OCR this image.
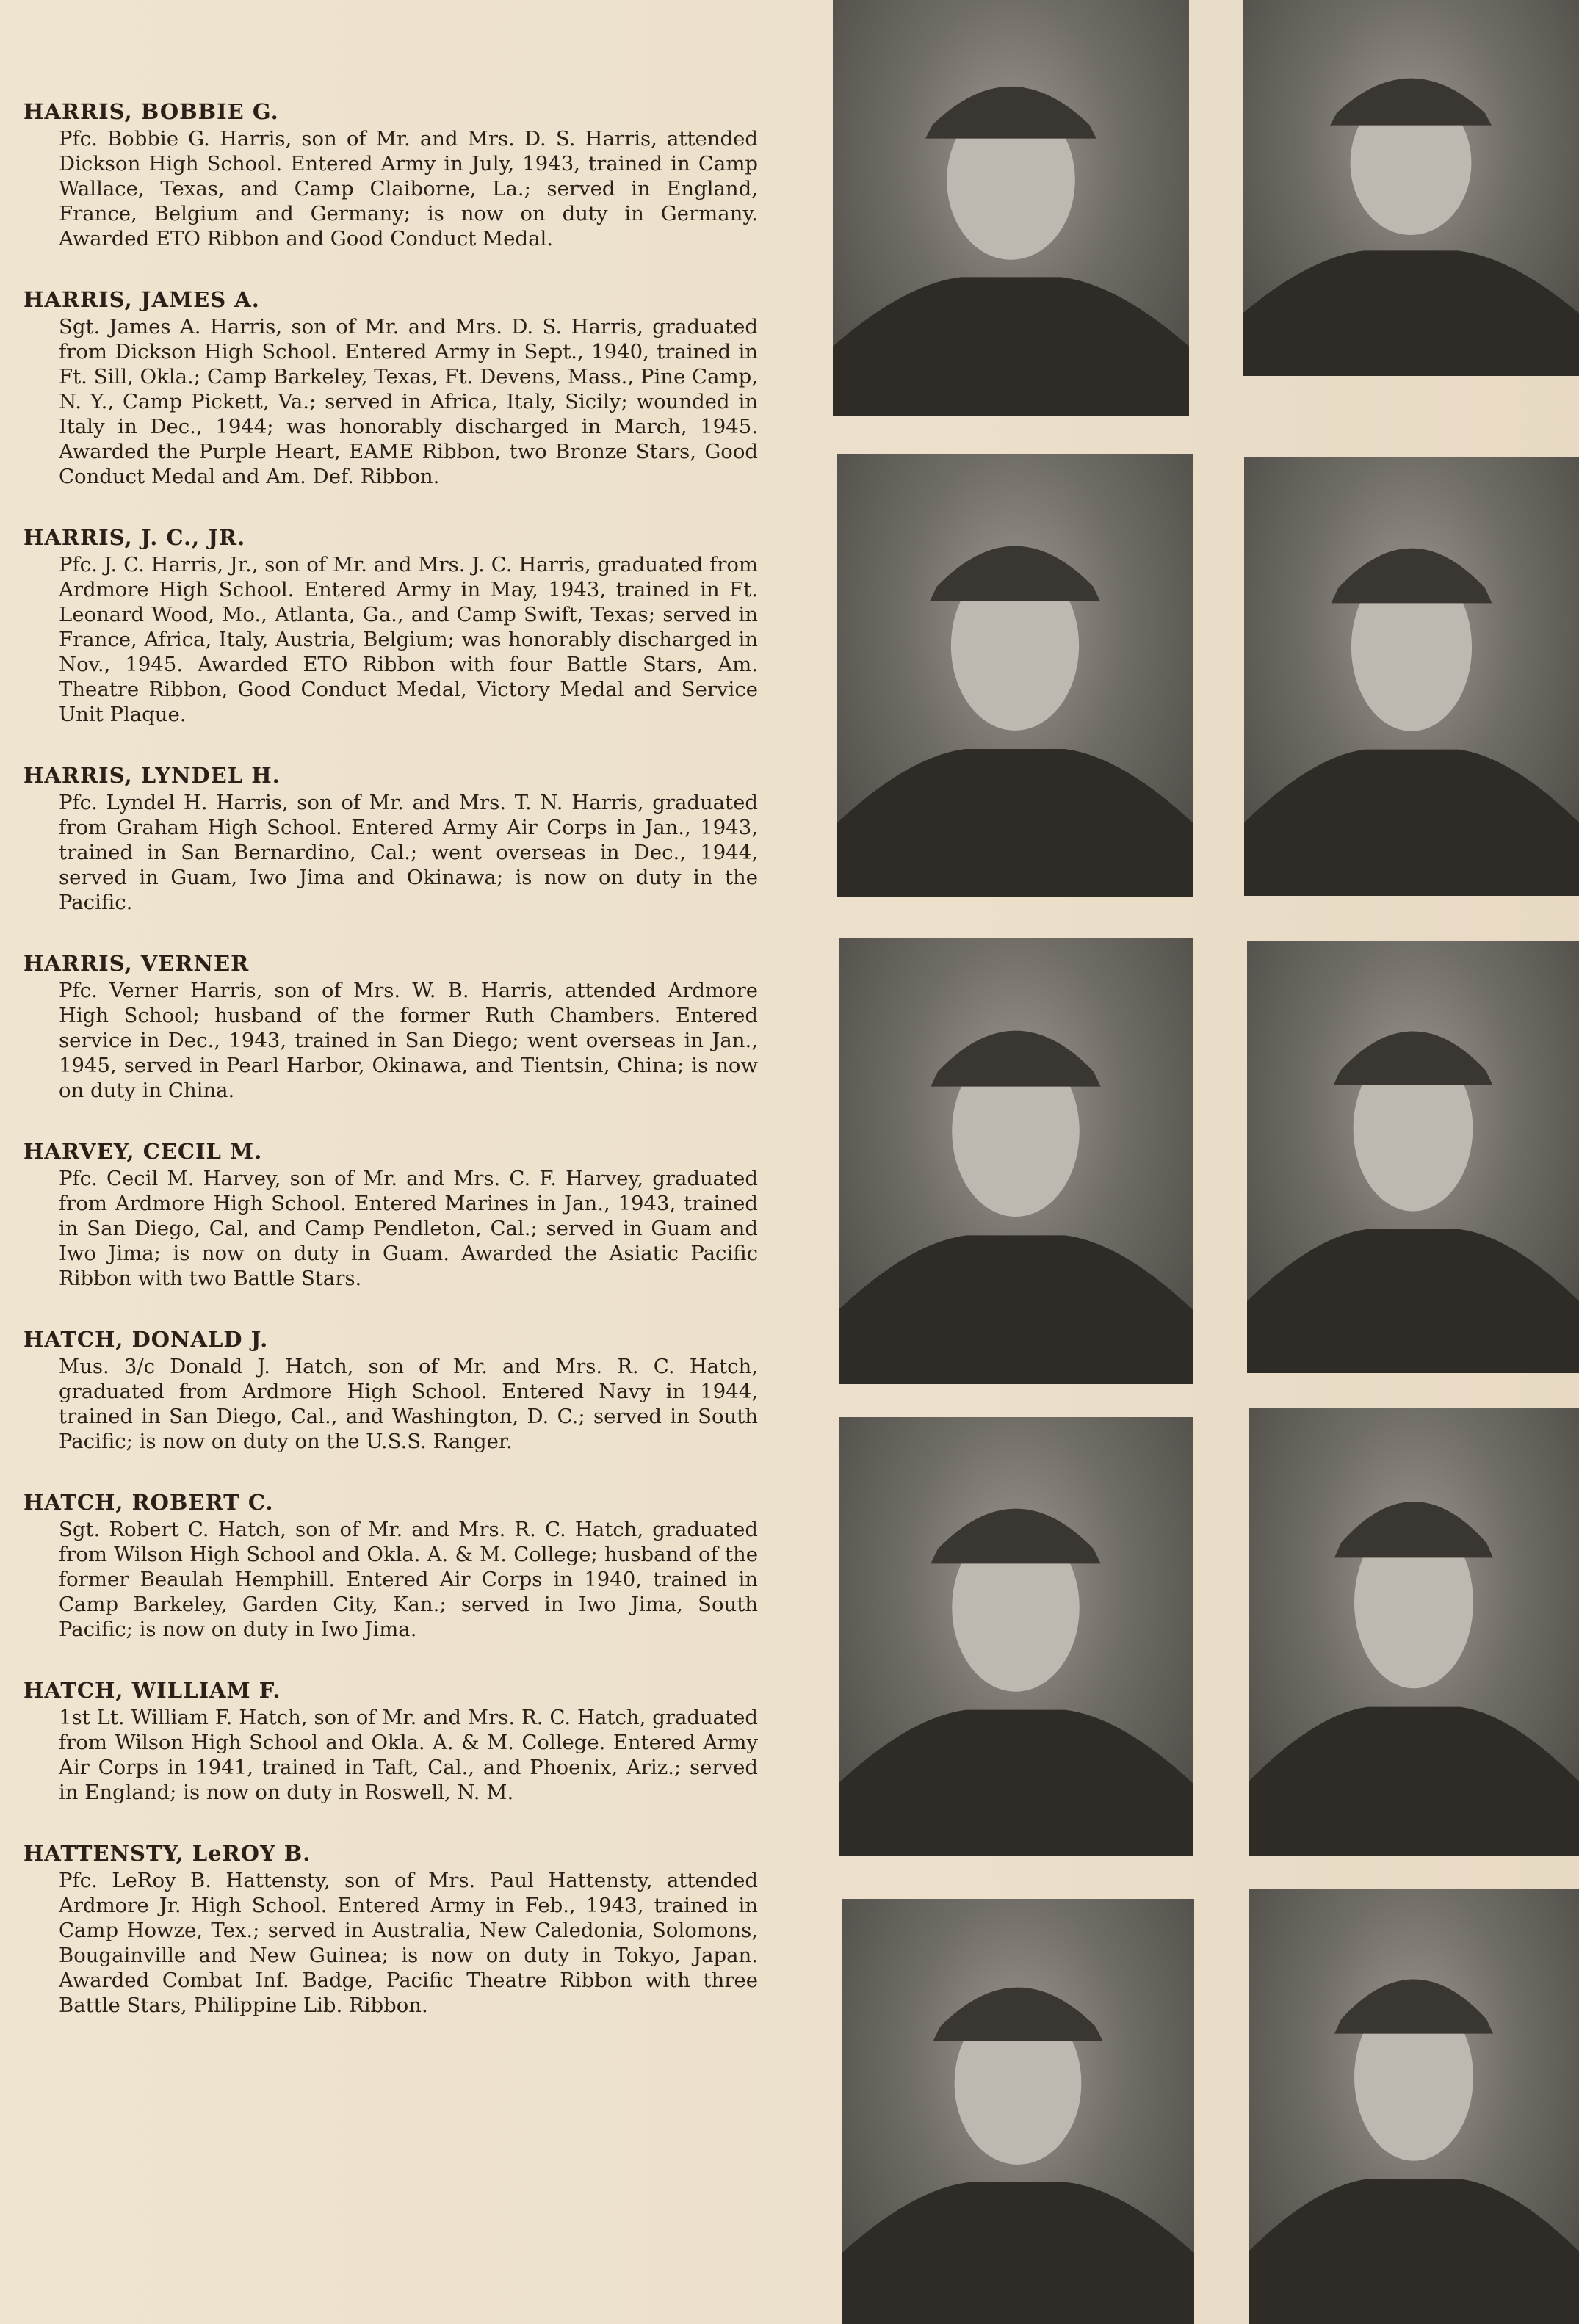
HARRIS, BOBBIE G.
Pfc. Bobbie G. Harris, son of Mr. and Mrs. D. S. Harris, attended Dickson High School. Entered Army in July, 1943, trained in Camp Wallace, Texas, and Camp Claiborne, La.; served in England, France, Belgium and Germany; is now on duty in Germany. Awarded ETO Ribbon and Good Conduct Medal.
HARRIS, JAMES A.
Sgt. James A. Harris, son of Mr. and Mrs. D. S. Harris, graduated from Dickson High School. Entered Army in Sept., 1940, trained in Ft. Sill, Okla.; Camp Barkeley, Texas, Ft. Devens, Mass., Pine Camp, N. Y., Camp Pickett, Va.; served in Africa, Italy, Sicily; wounded in Italy in Dec., 1944; was honorably discharged in March, 1945. Awarded the Purple Heart, EAME Ribbon, two Bronze Stars, Good Conduct Medal and Am. Def. Ribbon.
HARRIS, J. C., JR.
Pfc. J. C. Harris, Jr., son of Mr. and Mrs. J. C. Harris, graduated from Ardmore High School. Entered Army in May, 1943, trained in Ft. Leonard Wood, Mo., Atlanta, Ga., and Camp Swift, Texas; served in France, Africa, Italy, Austria, Belgium; was honorably discharged in Nov., 1945. Awarded ETO Ribbon with four Battle Stars, Am. Theatre Ribbon, Good Conduct Medal, Victory Medal and Service Unit Plaque.
HARRIS, LYNDEL H.
Pfc. Lyndel H. Harris, son of Mr. and Mrs. T. N. Harris, graduated from Graham High School. Entered Army Air Corps in Jan., 1943, trained in San Bernardino, Cal.; went overseas in Dec., 1944, served in Guam, Iwo Jima and Okinawa; is now on duty in the Pacific.
HARRIS, VERNER
Pfc. Verner Harris, son of Mrs. W. B. Harris, attended Ardmore High School; husband of the former Ruth Chambers. Entered service in Dec., 1943, trained in San Diego; went overseas in Jan., 1945, served in Pearl Harbor, Okinawa, and Tientsin, China; is now on duty in China.
HARVEY, CECIL M.
Pfc. Cecil M. Harvey, son of Mr. and Mrs. C. F. Harvey, graduated from Ardmore High School. Entered Marines in Jan., 1943, trained in San Diego, Cal, and Camp Pendleton, Cal.; served in Guam and Iwo Jima; is now on duty in Guam. Awarded the Asiatic Pacific Ribbon with two Battle Stars.
HATCH, DONALD J.
Mus. 3/c Donald J. Hatch, son of Mr. and Mrs. R. C. Hatch, graduated from Ardmore High School. Entered Navy in 1944, trained in San Diego, Cal., and Washington, D. C.; served in South Pacific; is now on duty on the U.S.S. Ranger.
HATCH, ROBERT C.
Sgt. Robert C. Hatch, son of Mr. and Mrs. R. C. Hatch, graduated from Wilson High School and Okla. A. & M. College; husband of the former Beaulah Hemphill. Entered Air Corps in 1940, trained in Camp Barkeley, Garden City, Kan.; served in Iwo Jima, South Pacific; is now on duty in Iwo Jima.
HATCH, WILLIAM F.
1st Lt. William F. Hatch, son of Mr. and Mrs. R. C. Hatch, graduated from Wilson High School and Okla. A. & M. College. Entered Army Air Corps in 1941, trained in Taft, Cal., and Phoenix, Ariz.; served in England; is now on duty in Roswell, N. M.
HATTENSTY, LeROY B.
Pfc. LeRoy B. Hattensty, son of Mrs. Paul Hattensty, attended Ardmore Jr. High School. Entered Army in Feb., 1943, trained in Camp Howze, Tex.; served in Australia, New Caledonia, Solomons, Bougainville and New Guinea; is now on duty in Tokyo, Japan. Awarded Combat Inf. Badge, Pacific Theatre Ribbon with three Battle Stars, Philippine Lib. Ribbon.
